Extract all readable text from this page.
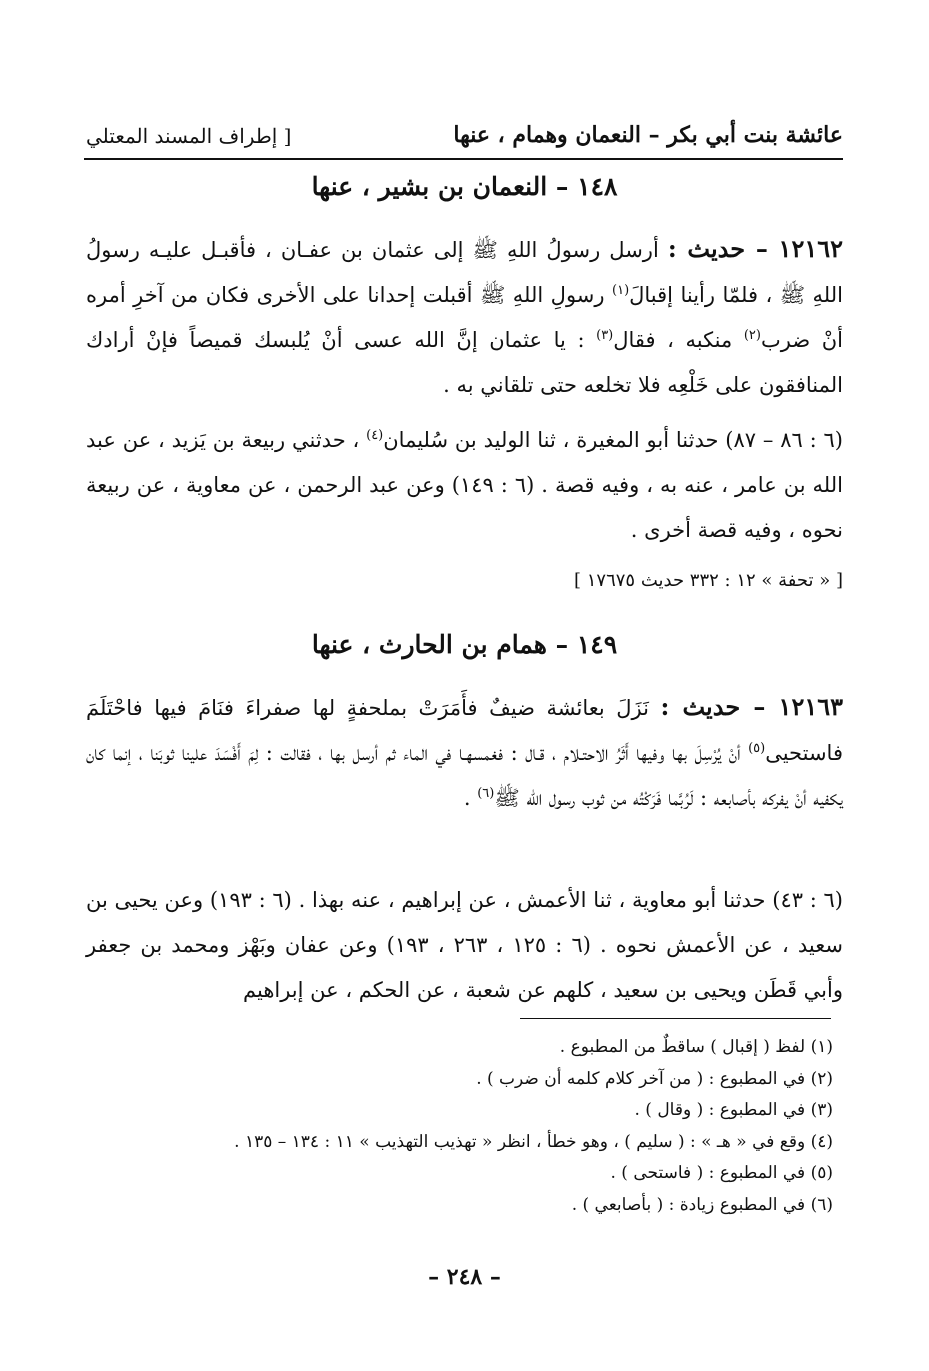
عائشة بنت أبي بكر – النعمان وهمام ، عنها
[ إطراف المسند المعتلي
١٤٨ – النعمان بن بشير ، عنها

١٢١٦٢ – حديث : أرسل رسولُ اللهِ ﷺ إلى عثمان بن عفـان ، فأقبـل عليـه رسولُ اللهِ ﷺ ، فلمّا رأينا إقبالَ$^{(١)}$ رسولِ اللهِ ﷺ أقبلت إحدانا على الأخرى فكان من آخرِ أمره أنْ ضرب$^{(٢)}$ منكبه ، فقال$^{(٣)}$ : يا عثمان إنَّ الله عسى أنْ يُلبسك قميصاً فإنْ أرادك المنافقون على خَلْعِه فلا تخلعه حتى تلقاني به .

(٦ : ٨٦ – ٨٧) حدثنا أبو المغيرة ، ثنا الوليد بن سُليمان$^{(٤)}$ ، حدثني ربيعة بن يَزيد ، عن عبد الله بن عامر ، عنه به ، وفيه قصة . (٦ : ١٤٩) وعن عبد الرحمن ، عن معاوية ، عن ربيعة نحوه ، وفيه قصة أخرى .

[ « تحفة » ١٢ : ٣٣٢ حديث ١٧٦٧٥ ]
١٤٩ – همام بن الحارث ، عنها

١٢١٦٣ – حديث : نَزَلَ بعائشة ضيفٌ فأَمَرَتْ بملحفةٍ لها صفراءَ فنَامَ فيها فاحْتَلَمَ فاستحيى$^{(٥)}$ أنْ يُرْسِلَ بها وفيها أَثَرُ الاحتـلام ، قـال : فغمسهـا في الماء ثم أرسل بها ، فقالت : لِمَ أَفْسَدَ علينا ثوبَنا ، إنما كان يكفيه أنْ يفركه بأصابعه : لَرُبَّما فَرَكْتُه من ثوب رسول الله ﷺ$^{(٦)}$ .

(٦ : ٤٣) حدثنا أبو معاوية ، ثنا الأعمش ، عن إبراهيم ، عنه بهذا . (٦ : ١٩٣) وعن يحيى بن سعيد ، عن الأعمش نحوه . (٦ : ١٢٥ ، ٢٦٣ ، ١٩٣) وعن عفان وبَهْز ومحمد بن جعفر وأبي قَطَن ويحيى بن سعيد ، كلهم عن شعبة ، عن الحكم ، عن إبراهيم

(١) لفظ ( إقبال ) ساقطٌ من المطبوع .
(٢) في المطبوع : ( من آخر كلام كلمه أن ضرب ) .
(٣) في المطبوع : ( وقال ) .
(٤) وقع في « هـ » : ( سليم ) ، وهو خطأ ، انظر « تهذيب التهذيب » ١١ : ١٣٤ – ١٣٥ .
(٥) في المطبوع : ( فاستحى ) .
(٦) في المطبوع زيادة : ( بأصابعي ) .
– ٢٤٨ –
